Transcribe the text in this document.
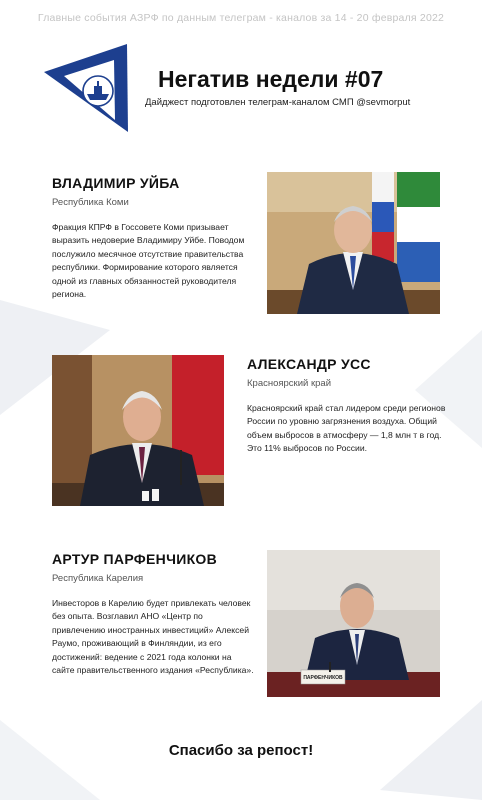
Главные события АЗРФ по данным телеграм - каналов за 14 - 20 февраля 2022
Негатив недели #07
Дайджест подготовлен телеграм-каналом СМП @sevmorput
ВЛАДИМИР УЙБА
Республика Коми
Фракция КПРФ в Госсовете Коми призывает выразить недоверие Владимиру Уйбе. Поводом послужило месячное отсутствие правительства республики. Формирование которого является одной из главных обязанностей руководителя региона.
АЛЕКСАНДР УСС
Красноярский край
Красноярский край стал лидером среди регионов России по уровню загрязнения воздуха. Общий объем выбросов в атмосферу — 1,8 млн т в год. Это 11% выбросов по России.
АРТУР ПАРФЕНЧИКОВ
Республика Карелия
Инвесторов в Карелию будет привлекать человек без опыта. Возглавил АНО «Центр по привлечению иностранных инвестиций» Алексей Раумо, проживающий в Финляндии, из его достижений: ведение с 2021 года колонки на сайте правительственного издания «Республика».
ПАРФЕНЧИКОВ
Спасибо за репост!
